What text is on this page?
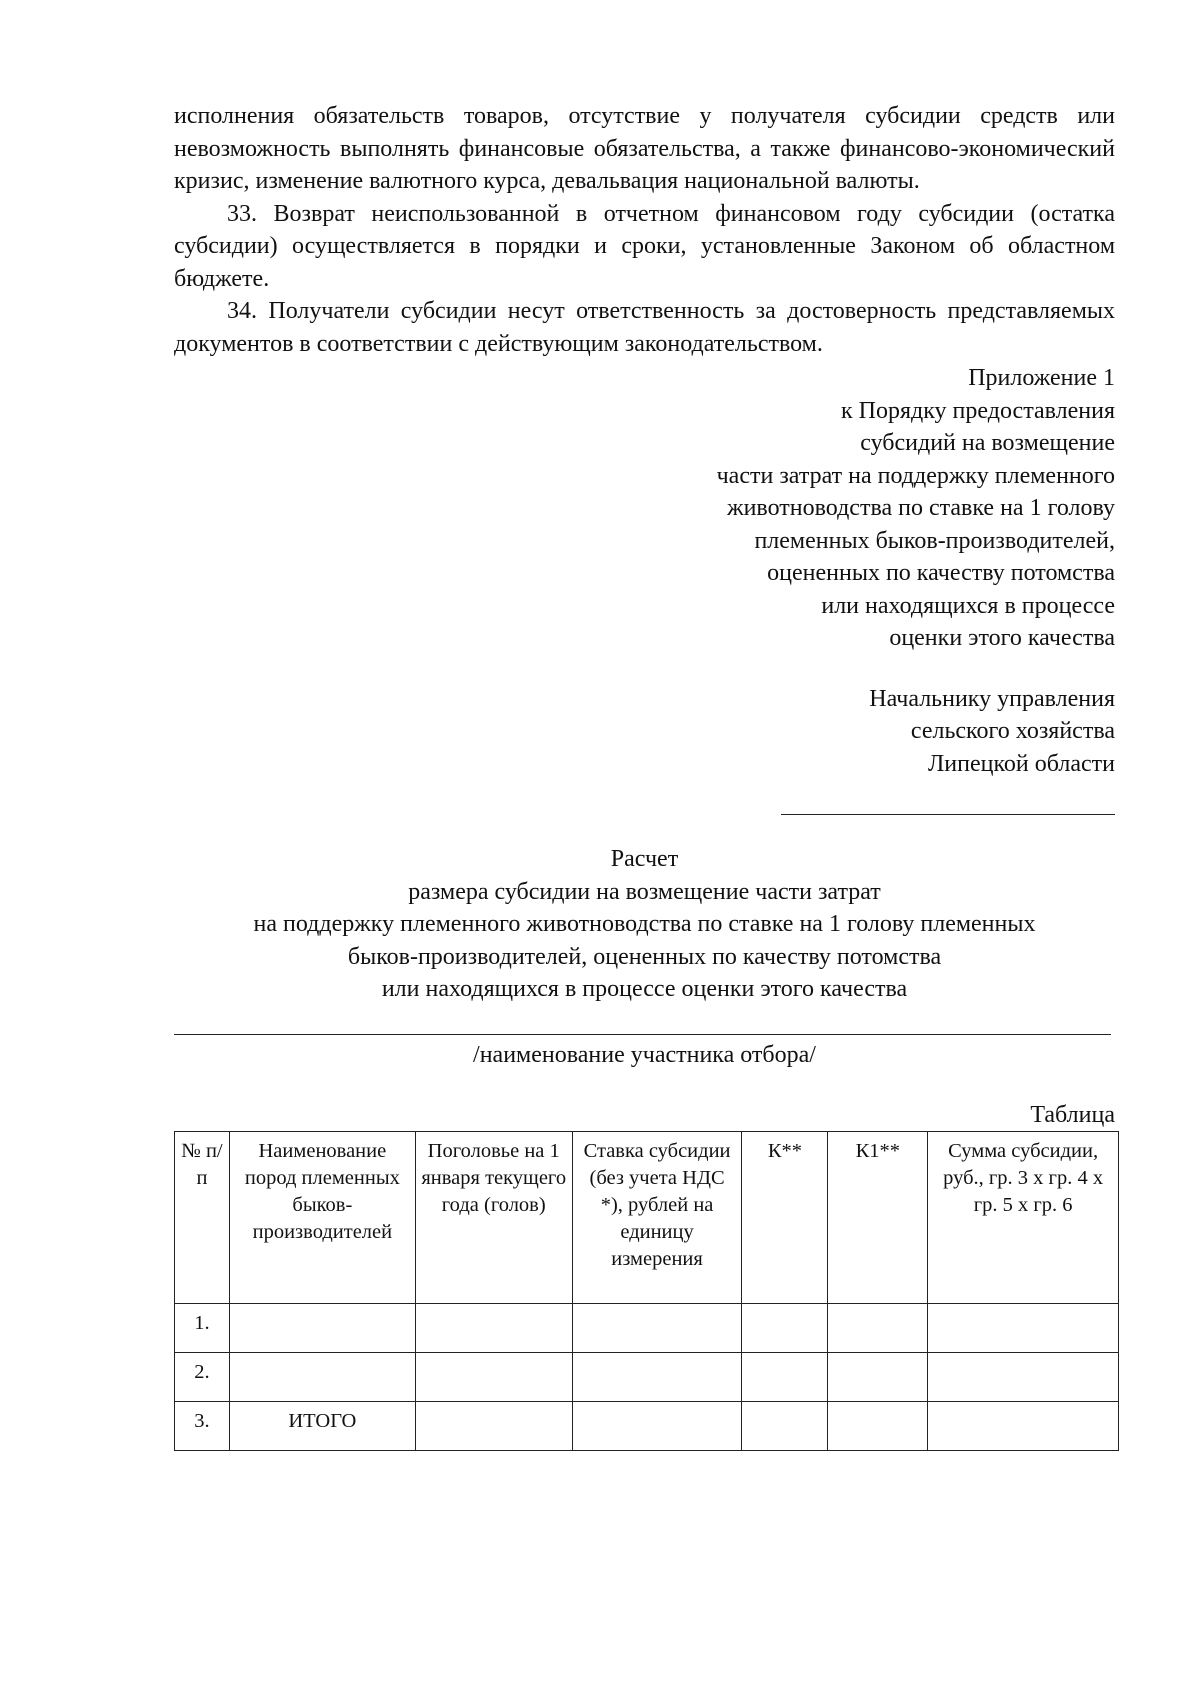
исполнения обязательств товаров, отсутствие у получателя субсидии средств или невозможность выполнять финансовые обязательства, а также финансово-экономический кризис, изменение валютного курса, девальвация национальной валюты.

33. Возврат неиспользованной в отчетном финансовом году субсидии (остатка субсидии) осуществляется в порядки и сроки, установленные Законом об областном бюджете.

34. Получатели субсидии несут ответственность за достоверность представляемых документов в соответствии с действующим законодательством.

Приложение 1
к Порядку предоставления
субсидий на возмещение
части затрат на поддержку племенного
животноводства по ставке на 1 голову
племенных быков-производителей,
оцененных по качеству потомства
или находящихся в процессе
оценки этого качества
Начальнику управления
сельского хозяйства
Липецкой области
Расчет
размера субсидии на возмещение части затрат
на поддержку племенного животноводства по ставке на 1 голову племенных
быков-производителей, оцененных по качеству потомства
или находящихся в процессе оценки этого качества
/наименование участника отбора/
Таблица
№ п/п	Наименование пород племенных быков-производителей	Поголовье на 1 января текущего года (голов)	Ставка субсидии (без учета НДС *), рублей на единицу измерения	К**	К1**	Сумма субсидии, руб., гр. 3 х гр. 4 х гр. 5 х гр. 6
1.						
2.						
3.	ИТОГО					
